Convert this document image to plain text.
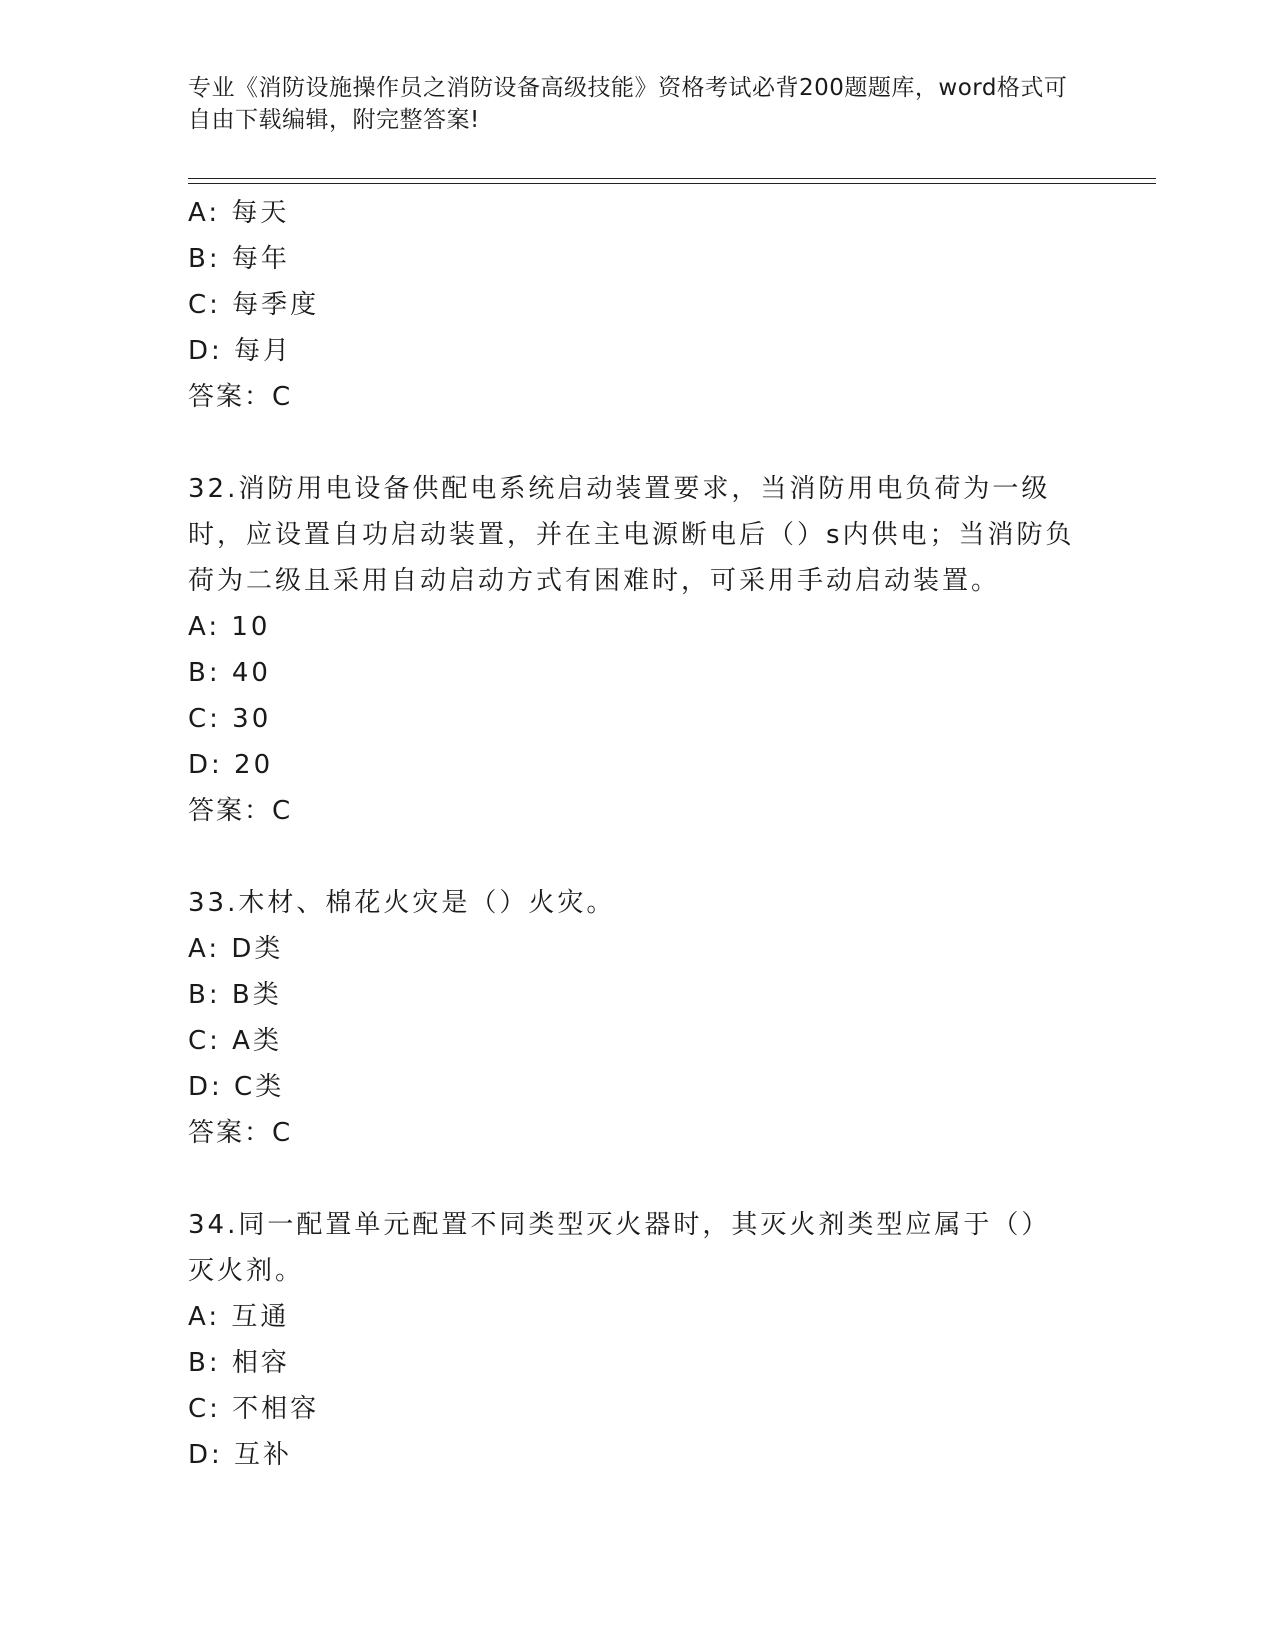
专业《消防设施操作员之消防设备高级技能》资格考试必背200题题库，word格式可自由下载编辑，附完整答案!
A: 每天
B: 每年
C: 每季度
D: 每月
答案：C
32.消防用电设备供配电系统启动装置要求，当消防用电负荷为一级时，应设置自功启动装置，并在主电源断电后（）s内供电；当消防负荷为二级且采用自动启动方式有困难时，可采用手动启动装置。
A: 10
B: 40
C: 30
D: 20
答案：C
33.木材、棉花火灾是（）火灾。
A: D类
B: B类
C: A类
D: C类
答案：C
34.同一配置单元配置不同类型灭火器时，其灭火剂类型应属于（）灭火剂。
A: 互通
B: 相容
C: 不相容
D: 互补
